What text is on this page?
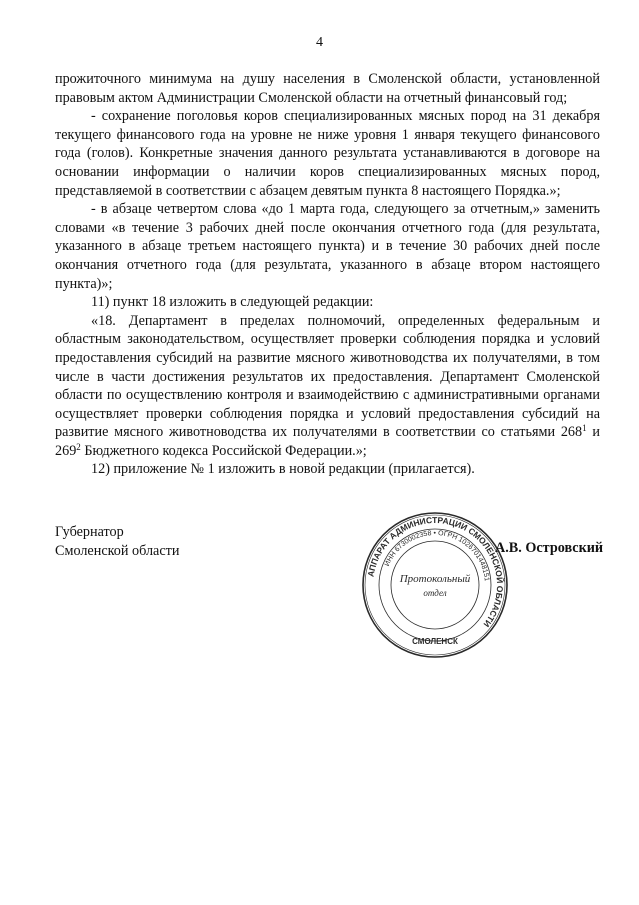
4

прожиточного минимума на душу населения в Смоленской области, установленной правовым актом Администрации Смоленской области на отчетный финансовый год;

- сохранение поголовья коров специализированных мясных пород на 31 декабря текущего финансового года на уровне не ниже уровня 1 января текущего финансового года (голов). Конкретные значения данного результата устанавливаются в договоре на основании информации о наличии коров специализированных мясных пород, представляемой в соответствии с абзацем девятым пункта 8 настоящего Порядка.»;

- в абзаце четвертом слова «до 1 марта года, следующего за отчетным,» заменить словами «в течение 3 рабочих дней после окончания отчетного года (для результата, указанного в абзаце третьем настоящего пункта) и в течение 30 рабочих дней после окончания отчетного года (для результата, указанного в абзаце втором настоящего пункта)»;

11) пункт 18 изложить в следующей редакции:

«18. Департамент в пределах полномочий, определенных федеральным и областным законодательством, осуществляет проверки соблюдения порядка и условий предоставления субсидий на развитие мясного животноводства их получателями, в том числе в части достижения результатов их предоставления. Департамент Смоленской области по осуществлению контроля и взаимодействию с административными органами осуществляет проверки соблюдения порядка и условий предоставления субсидий на развитие мясного животноводства их получателями в соответствии со статьями $268^1$ и $269^2$ Бюджетного кодекса Российской Федерации.»;

12) приложение № 1 изложить в новой редакции (прилагается).

Губернатор
Смоленской области
АППАРАТ АДМИНИСТРАЦИИ СМОЛЕНСКОЙ ОБЛАСТИ
ИНН 6730002358 • ОГРН 1026701448151
Протокольный
отдел
СМОЛЕНСК
А.В. Островский
